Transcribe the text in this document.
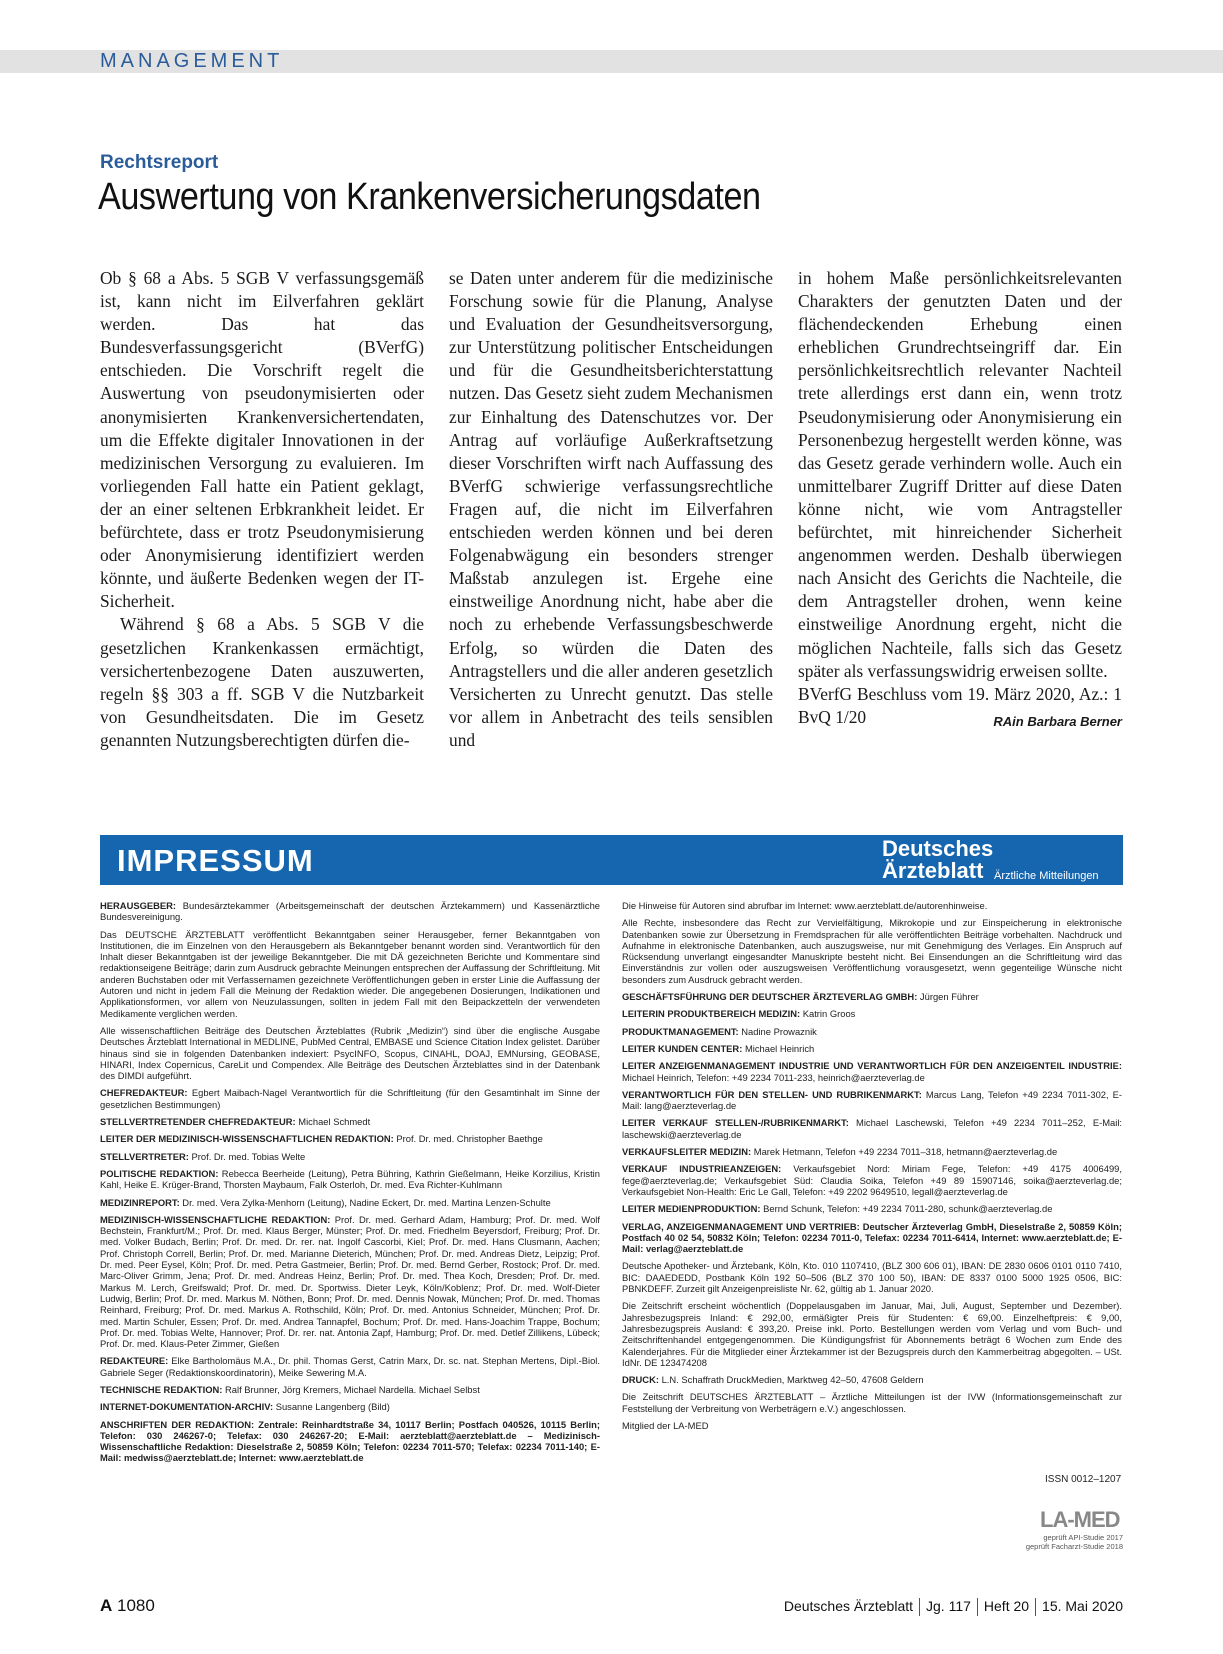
MANAGEMENT
Rechtsreport
Auswertung von Krankenversicherungsdaten

Ob § 68 a Abs. 5 SGB V verfassungsgemäß ist, kann nicht im Eilverfahren geklärt werden. Das hat das Bundesverfassungsgericht (BVerfG) entschieden. Die Vorschrift regelt die Auswertung von pseudonymisierten oder anonymisierten Krankenversichertendaten, um die Effekte digitaler Innovationen in der medizinischen Versorgung zu evaluieren. Im vorliegenden Fall hatte ein Patient geklagt, der an einer seltenen Erbkrankheit leidet. Er befürchtete, dass er trotz Pseudonymisierung oder Anonymisierung identifiziert werden könnte, und äußerte Bedenken wegen der IT-Sicherheit.

Während § 68 a Abs. 5 SGB V die gesetzlichen Krankenkassen ermächtigt, versichertenbezogene Daten auszuwerten, regeln §§ 303 a ff. SGB V die Nutzbarkeit von Gesundheitsdaten. Die im Gesetz genannten Nutzungsberechtigten dürfen die-

se Daten unter anderem für die medizinische Forschung sowie für die Planung, Analyse und Evaluation der Gesundheitsversorgung, zur Unterstützung politischer Entscheidungen und für die Gesundheitsberichterstattung nutzen. Das Gesetz sieht zudem Mechanismen zur Einhaltung des Datenschutzes vor. Der Antrag auf vorläufige Außerkraftsetzung dieser Vorschriften wirft nach Auffassung des BVerfG schwierige verfassungsrechtliche Fragen auf, die nicht im Eilverfahren entschieden werden können und bei deren Folgenabwägung ein besonders strenger Maßstab anzulegen ist. Ergehe eine einstweilige Anordnung nicht, habe aber die noch zu erhebende Verfassungsbeschwerde Erfolg, so würden die Daten des Antragstellers und die aller anderen gesetzlich Versicherten zu Unrecht genutzt. Das stelle vor allem in Anbetracht des teils sensiblen und

in hohem Maße persönlichkeitsrelevanten Charakters der genutzten Daten und der flächendeckenden Erhebung einen erheblichen Grundrechtseingriff dar. Ein persönlichkeitsrechtlich relevanter Nachteil trete allerdings erst dann ein, wenn trotz Pseudonymisierung oder Anonymisierung ein Personenbezug hergestellt werden könne, was das Gesetz gerade verhindern wolle. Auch ein unmittelbarer Zugriff Dritter auf diese Daten könne nicht, wie vom Antragsteller befürchtet, mit hinreichender Sicherheit angenommen werden. Deshalb überwiegen nach Ansicht des Gerichts die Nachteile, die dem Antragsteller drohen, wenn keine einstweilige Anordnung ergeht, nicht die möglichen Nachteile, falls sich das Gesetz später als verfassungswidrig erweisen sollte.

BVerfG Beschluss vom 19. März 2020, Az.: 1 BvQ 1/20	RAin Barbara Berner

IMPRESSUM	Deutsches
Ärzteblatt Ärztliche Mitteilungen

HERAUSGEBER: Bundesärztekammer (Arbeitsgemeinschaft der deutschen Ärztekammern) und Kassenärztliche Bundesvereinigung.

Das DEUTSCHE ÄRZTEBLATT veröffentlicht Bekanntgaben seiner Herausgeber, ferner Bekanntgaben von Institutionen, die im Einzelnen von den Herausgebern als Bekanntgeber benannt worden sind. Verantwortlich für den Inhalt dieser Bekanntgaben ist der jeweilige Bekanntgeber. Die mit DÄ gezeichneten Berichte und Kommentare sind redaktionseigene Beiträge; darin zum Ausdruck gebrachte Meinungen entsprechen der Auffassung der Schriftleitung. Mit anderen Buchstaben oder mit Verfassernamen gezeichnete Veröffentlichungen geben in erster Linie die Auffassung der Autoren und nicht in jedem Fall die Meinung der Redaktion wieder. Die angegebenen Dosierungen, Indikationen und Applikationsformen, vor allem von Neuzulassungen, sollten in jedem Fall mit den Beipackzetteln der verwendeten Medikamente verglichen werden.

Alle wissenschaftlichen Beiträge des Deutschen Ärzteblattes (Rubrik „Medizin“) sind über die englische Ausgabe Deutsches Ärzteblatt International in MEDLINE, PubMed Central, EMBASE und Science Citation Index gelistet. Darüber hinaus sind sie in folgenden Datenbanken indexiert: PsycINFO, Scopus, CINAHL, DOAJ, EMNursing, GEOBASE, HINARI, Index Copernicus, CareLit und Compendex. Alle Beiträge des Deutschen Ärzteblattes sind in der Datenbank des DIMDI aufgeführt.

CHEFREDAKTEUR: Egbert Maibach-Nagel Verantwortlich für die Schriftleitung (für den Gesamtinhalt im Sinne der gesetzlichen Bestimmungen)

STELLVERTRETENDER CHEFREDAKTEUR: Michael Schmedt

LEITER DER MEDIZINISCH-WISSENSCHAFTLICHEN REDAKTION: Prof. Dr. med. Christopher Baethge

STELLVERTRETER: Prof. Dr. med. Tobias Welte

POLITISCHE REDAKTION: Rebecca Beerheide (Leitung), Petra Bühring, Kathrin Gießelmann, Heike Korzilius, Kristin Kahl, Heike E. Krüger-Brand, Thorsten Maybaum, Falk Osterloh, Dr. med. Eva Richter-Kuhlmann

MEDIZINREPORT: Dr. med. Vera Zylka-Menhorn (Leitung), Nadine Eckert, Dr. med. Martina Lenzen-Schulte

MEDIZINISCH-WISSENSCHAFTLICHE REDAKTION: Prof. Dr. med. Gerhard Adam, Hamburg; Prof. Dr. med. Wolf Bechstein, Frankfurt/M.; Prof. Dr. med. Klaus Berger, Münster; Prof. Dr. med. Friedhelm Beyersdorf, Freiburg; Prof. Dr. med. Volker Budach, Berlin; Prof. Dr. med. Dr. rer. nat. Ingolf Cascorbi, Kiel; Prof. Dr. med. Hans Clusmann, Aachen; Prof. Christoph Correll, Berlin; Prof. Dr. med. Marianne Dieterich, München; Prof. Dr. med. Andreas Dietz, Leipzig; Prof. Dr. med. Peer Eysel, Köln; Prof. Dr. med. Petra Gastmeier, Berlin; Prof. Dr. med. Bernd Gerber, Rostock; Prof. Dr. med. Marc-Oliver Grimm, Jena; Prof. Dr. med. Andreas Heinz, Berlin; Prof. Dr. med. Thea Koch, Dresden; Prof. Dr. med. Markus M. Lerch, Greifswald; Prof. Dr. med. Dr. Sportwiss. Dieter Leyk, Köln/Koblenz; Prof. Dr. med. Wolf-Dieter Ludwig, Berlin; Prof. Dr. med. Markus M. Nöthen, Bonn; Prof. Dr. med. Dennis Nowak, München; Prof. Dr. med. Thomas Reinhard, Freiburg; Prof. Dr. med. Markus A. Rothschild, Köln; Prof. Dr. med. Antonius Schneider, München; Prof. Dr. med. Martin Schuler, Essen; Prof. Dr. med. Andrea Tannapfel, Bochum; Prof. Dr. med. Hans-Joachim Trappe, Bochum; Prof. Dr. med. Tobias Welte, Hannover; Prof. Dr. rer. nat. Antonia Zapf, Hamburg; Prof. Dr. med. Detlef Zillikens, Lübeck; Prof. Dr. med. Klaus-Peter Zimmer, Gießen

REDAKTEURE: Elke Bartholomäus M.A., Dr. phil. Thomas Gerst, Catrin Marx, Dr. sc. nat. Stephan Mertens, Dipl.-Biol. Gabriele Seger (Redaktionskoordinatorin), Meike Sewering M.A.

TECHNISCHE REDAKTION: Ralf Brunner, Jörg Kremers, Michael Nardella. Michael Selbst

INTERNET-DOKUMENTATION-ARCHIV: Susanne Langenberg (Bild)

ANSCHRIFTEN DER REDAKTION: Zentrale: Reinhardtstraße 34, 10117 Berlin; Postfach 040526, 10115 Berlin; Telefon: 030 246267-0; Telefax: 030 246267-20; E-Mail: aerzteblatt@aerzteblatt.de – Medizinisch-Wissenschaftliche Redaktion: Dieselstraße 2, 50859 Köln; Telefon: 02234 7011-570; Telefax: 02234 7011-140; E-Mail: medwiss@aerzteblatt.de; Internet: www.aerzteblatt.de

Die Hinweise für Autoren sind abrufbar im Internet: www.aerzteblatt.de/autorenhinweise.

Alle Rechte, insbesondere das Recht zur Vervielfältigung, Mikrokopie und zur Einspeicherung in elektronische Datenbanken sowie zur Übersetzung in Fremdsprachen für alle veröffentlichten Beiträge vorbehalten. Nachdruck und Aufnahme in elektronische Datenbanken, auch auszugsweise, nur mit Genehmigung des Verlages. Ein Anspruch auf Rücksendung unverlangt eingesandter Manuskripte besteht nicht. Bei Einsendungen an die Schriftleitung wird das Einverständnis zur vollen oder auszugsweisen Veröffentlichung vorausgesetzt, wenn gegenteilige Wünsche nicht besonders zum Ausdruck gebracht werden.

GESCHÄFTSFÜHRUNG DER DEUTSCHER ÄRZTEVERLAG GMBH: Jürgen Führer

LEITERIN PRODUKTBEREICH MEDIZIN: Katrin Groos

PRODUKTMANAGEMENT: Nadine Prowaznik

LEITER KUNDEN CENTER: Michael Heinrich

LEITER ANZEIGENMANAGEMENT INDUSTRIE UND VERANTWORTLICH FÜR DEN ANZEIGENTEIL INDUSTRIE: Michael Heinrich, Telefon: +49 2234 7011-233, heinrich@aerzteverlag.de

VERANTWORTLICH FÜR DEN STELLEN- UND RUBRIKENMARKT: Marcus Lang, Telefon +49 2234 7011-302, E-Mail: lang@aerzteverlag.de

LEITER VERKAUF STELLEN-/RUBRIKENMARKT: Michael Laschewski, Telefon +49 2234 7011–252, E-Mail: laschewski@aerzteverlag.de

VERKAUFSLEITER MEDIZIN: Marek Hetmann, Telefon +49 2234 7011–318, hetmann@aerzteverlag.de

VERKAUF INDUSTRIEANZEIGEN: Verkaufsgebiet Nord: Miriam Fege, Telefon: +49 4175 4006499, fege@aerzteverlag.de; Verkaufsgebiet Süd: Claudia Soika, Telefon +49 89 15907146, soika@aerzteverlag.de; Verkaufsgebiet Non-Health: Eric Le Gall, Telefon: +49 2202 9649510, legall@aerzteverlag.de

LEITER MEDIENPRODUKTION: Bernd Schunk, Telefon: +49 2234 7011-280, schunk@aerzteverlag.de

VERLAG, ANZEIGENMANAGEMENT UND VERTRIEB: Deutscher Ärzteverlag GmbH, Dieselstraße 2, 50859 Köln; Postfach 40 02 54, 50832 Köln; Telefon: 02234 7011-0, Telefax: 02234 7011-6414, Internet: www.aerzteblatt.de; E-Mail: verlag@aerzteblatt.de

Deutsche Apotheker- und Ärztebank, Köln, Kto. 010 1107410, (BLZ 300 606 01), IBAN: DE 2830 0606 0101 0110 7410, BIC: DAAEDEDD, Postbank Köln 192 50–506 (BLZ 370 100 50), IBAN: DE 8337 0100 5000 1925 0506, BIC: PBNKDEFF. Zurzeit gilt Anzeigenpreisliste Nr. 62, gültig ab 1. Januar 2020.

Die Zeitschrift erscheint wöchentlich (Doppelausgaben im Januar, Mai, Juli, August, September und Dezember). Jahresbezugspreis Inland: € 292,00, ermäßigter Preis für Studenten: € 69,00. Einzelheftpreis: € 9,00, Jahresbezugspreis Ausland: € 393,20. Preise inkl. Porto. Bestellungen werden vom Verlag und vom Buch- und Zeitschriftenhandel entgegengenommen. Die Kündigungsfrist für Abonnements beträgt 6 Wochen zum Ende des Kalenderjahres. Für die Mitglieder einer Ärztekammer ist der Bezugspreis durch den Kammerbeitrag abgegolten. – USt. IdNr. DE 123474208

DRUCK: L.N. Schaffrath DruckMedien, Marktweg 42–50, 47608 Geldern

Die Zeitschrift DEUTSCHES ÄRZTEBLATT – Ärztliche Mitteilungen ist der IVW (Informationsgemeinschaft zur Feststellung der Verbreitung von Werbeträgern e.V.) angeschlossen.

Mitglied der LA-MED

ISSN 0012–1207
LA-MED
geprüft API-Studie 2017
geprüft Facharzt-Studie 2018
A 1080	Deutsches Ärzteblatt Jg. 117 Heft 20 15. Mai 2020
